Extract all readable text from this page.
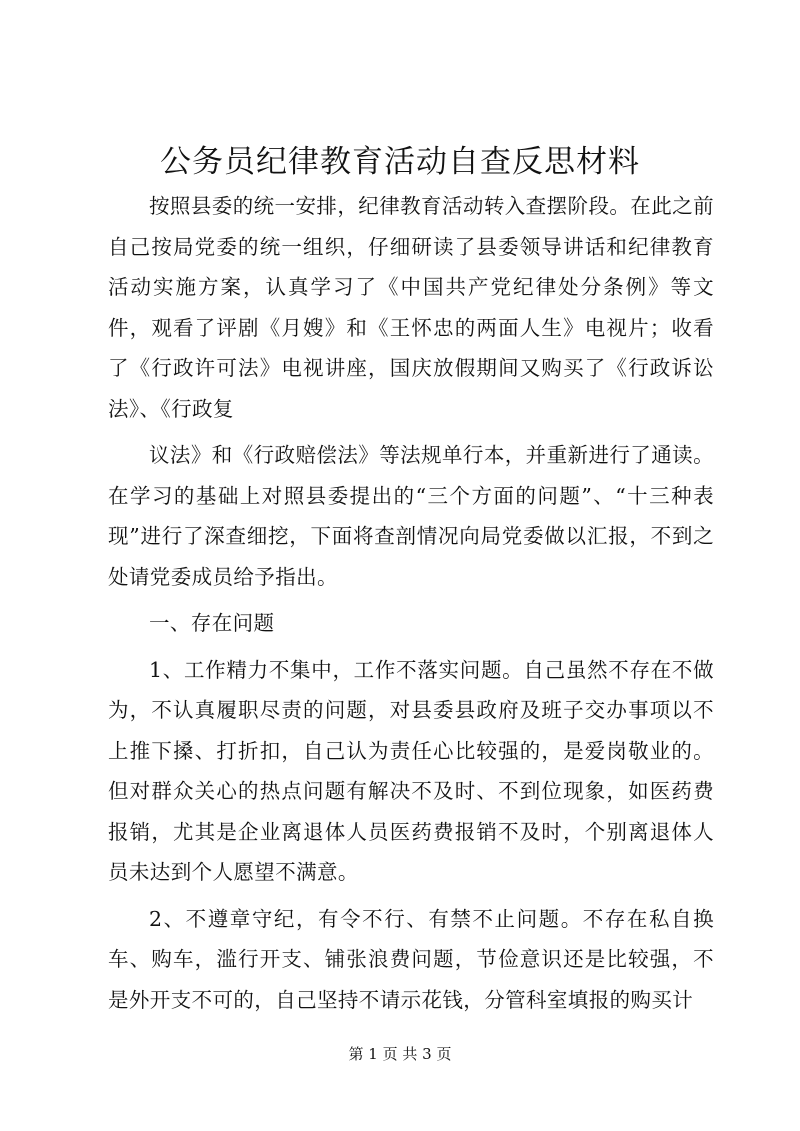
公务员纪律教育活动自查反思材料

按照县委的统一安排，纪律教育活动转入查摆阶段。在此之前自己按局党委的统一组织，仔细研读了县委领导讲话和纪律教育活动实施方案，认真学习了《中国共产党纪律处分条例》等文件，观看了评剧《月嫂》和《王怀忠的两面人生》电视片；收看了《行政许可法》电视讲座，国庆放假期间又购买了《行政诉讼法》、《行政复

议法》和《行政赔偿法》等法规单行本，并重新进行了通读。在学习的基础上对照县委提出的“三个方面的问题”、“十三种表现”进行了深查细挖，下面将查剖情况向局党委做以汇报，不到之处请党委成员给予指出。

一、存在问题

1、工作精力不集中，工作不落实问题。自己虽然不存在不做为，不认真履职尽责的问题，对县委县政府及班子交办事项以不上推下搡、打折扣，自己认为责任心比较强的，是爱岗敬业的。但对群众关心的热点问题有解决不及时、不到位现象，如医药费报销，尤其是企业离退体人员医药费报销不及时，个别离退体人员未达到个人愿望不满意。

2、不遵章守纪，有令不行、有禁不止问题。不存在私自换车、购车，滥行开支、铺张浪费问题，节俭意识还是比较强，不是外开支不可的，自己坚持不请示花钱，分管科室填报的购买计

第 1 页 共 3 页
